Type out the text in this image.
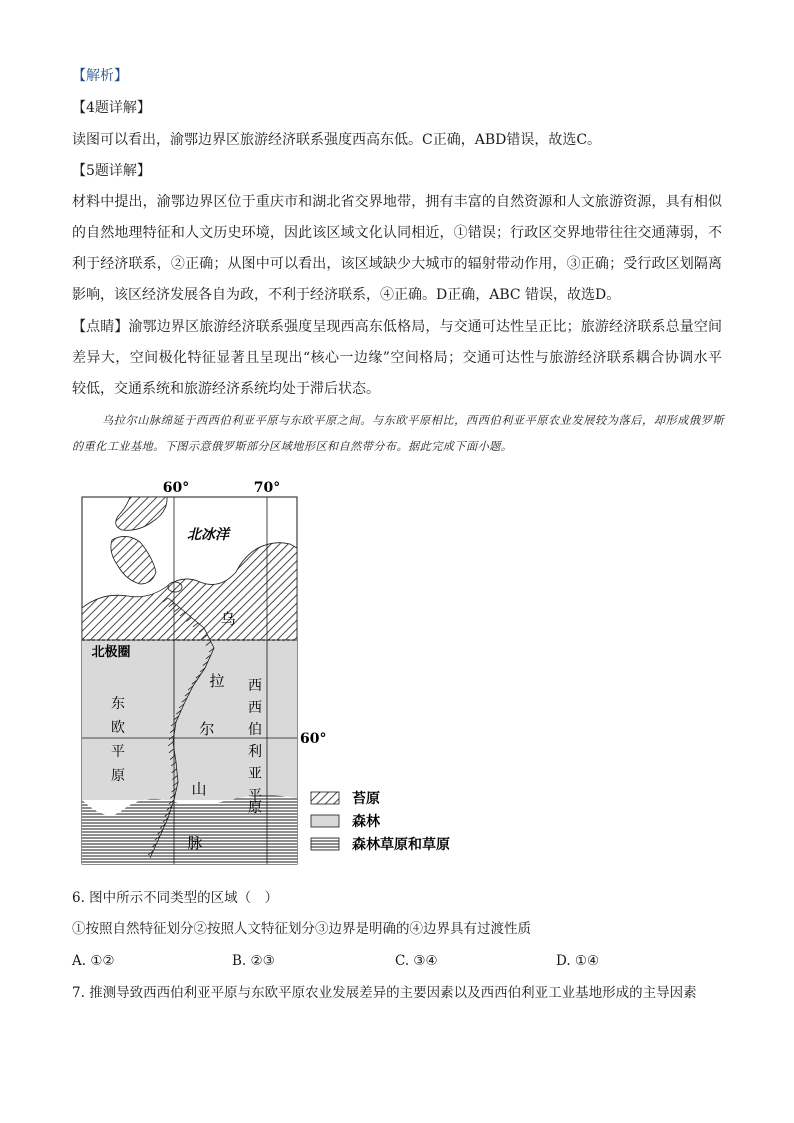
【解析】

【4题详解】

读图可以看出，渝鄂边界区旅游经济联系强度西高东低。C正确，ABD错误，故选C。

【5题详解】

材料中提出，渝鄂边界区位于重庆市和湖北省交界地带，拥有丰富的自然资源和人文旅游资源，具有相似

的自然地理特征和人文历史环境，因此该区域文化认同相近，①错误；行政区交界地带往往交通薄弱，不

利于经济联系，②正确；从图中可以看出，该区域缺少大城市的辐射带动作用，③正确；受行政区划隔离

影响，该区经济发展各自为政，不利于经济联系，④正确。D正确，ABC 错误，故选D。

【点睛】渝鄂边界区旅游经济联系强度呈现西高东低格局，与交通可达性呈正比；旅游经济联系总量空间

差异大，空间极化特征显著且呈现出“核心一边缘”空间格局；交通可达性与旅游经济联系耦合协调水平

较低，交通系统和旅游经济系统均处于滞后状态。

乌拉尔山脉绵延于西西伯利亚平原与东欧平原之间。与东欧平原相比，西西伯利亚平原农业发展较为落后，却形成俄罗斯的重化工业基地。下图示意俄罗斯部分区域地形区和自然带分布。据此完成下面小题。

60°	70°
60°
北冰洋
北极圈
东
欧
平
原
西
西
伯
利
亚
平
原
乌
拉
尔
山
脉
苔原
森林
森林草原和草原

6. 图中所示不同类型的区域（　）

①按照自然特征划分②按照人文特征划分③边界是明确的④边界具有过渡性质

A. ①②	B. ②③	C. ③④	D. ①④

7. 推测导致西西伯利亚平原与东欧平原农业发展差异的主要因素以及西西伯利亚工业基地形成的主导因素
